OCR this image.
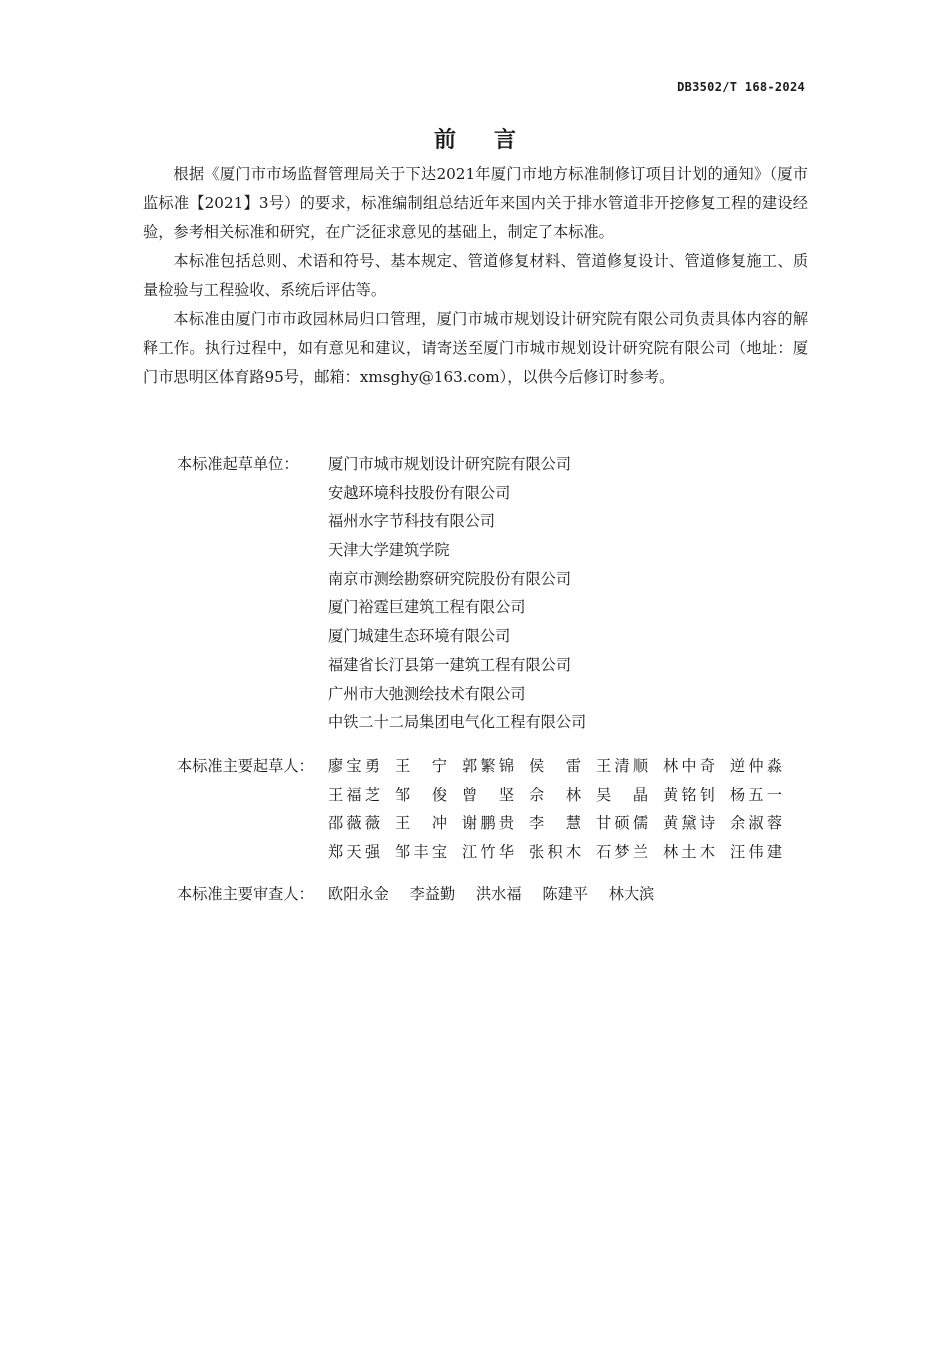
DB3502/T 168-2024
前言

根据《厦门市市场监督管理局关于下达2021年厦门市地方标准制修订项目计划的通知》（厦市监标准【2021】3号）的要求，标准编制组总结近年来国内关于排水管道非开挖修复工程的建设经验，参考相关标准和研究，在广泛征求意见的基础上，制定了本标准。

本标准包括总则、术语和符号、基本规定、管道修复材料、管道修复设计、管道修复施工、质量检验与工程验收、系统后评估等。

本标准由厦门市市政园林局归口管理，厦门市城市规划设计研究院有限公司负责具体内容的解释工作。执行过程中，如有意见和建议，请寄送至厦门市城市规划设计研究院有限公司（地址：厦门市思明区体育路95号，邮箱：xmsghy@163.com），以供今后修订时参考。

本标准起草单位： 厦门市城市规划设计研究院有限公司
安越环境科技股份有限公司
福州水字节科技有限公司
天津大学建筑学院
南京市测绘勘察研究院股份有限公司
厦门裕霆巨建筑工程有限公司
厦门城建生态环境有限公司
福建省长汀县第一建筑工程有限公司
广州市大弛测绘技术有限公司
中铁二十二局集团电气化工程有限公司
本标准主要起草人： 廖宝勇 王宁 郭繁锦 侯雷 王清顺 林中奇 逆仲淼
王福芝 邹俊 曾坚 佘林 吴晶 黄铭钊 杨五一
邵薇薇 王冲 谢鹏贵 李慧 甘硕儒 黄黛诗 余淑蓉
郑天强 邹丰宝 江竹华 张积木 石梦兰 林土木 汪伟建
本标准主要审查人： 欧阳永金 李益勤 洪水福 陈建平 林大滨
